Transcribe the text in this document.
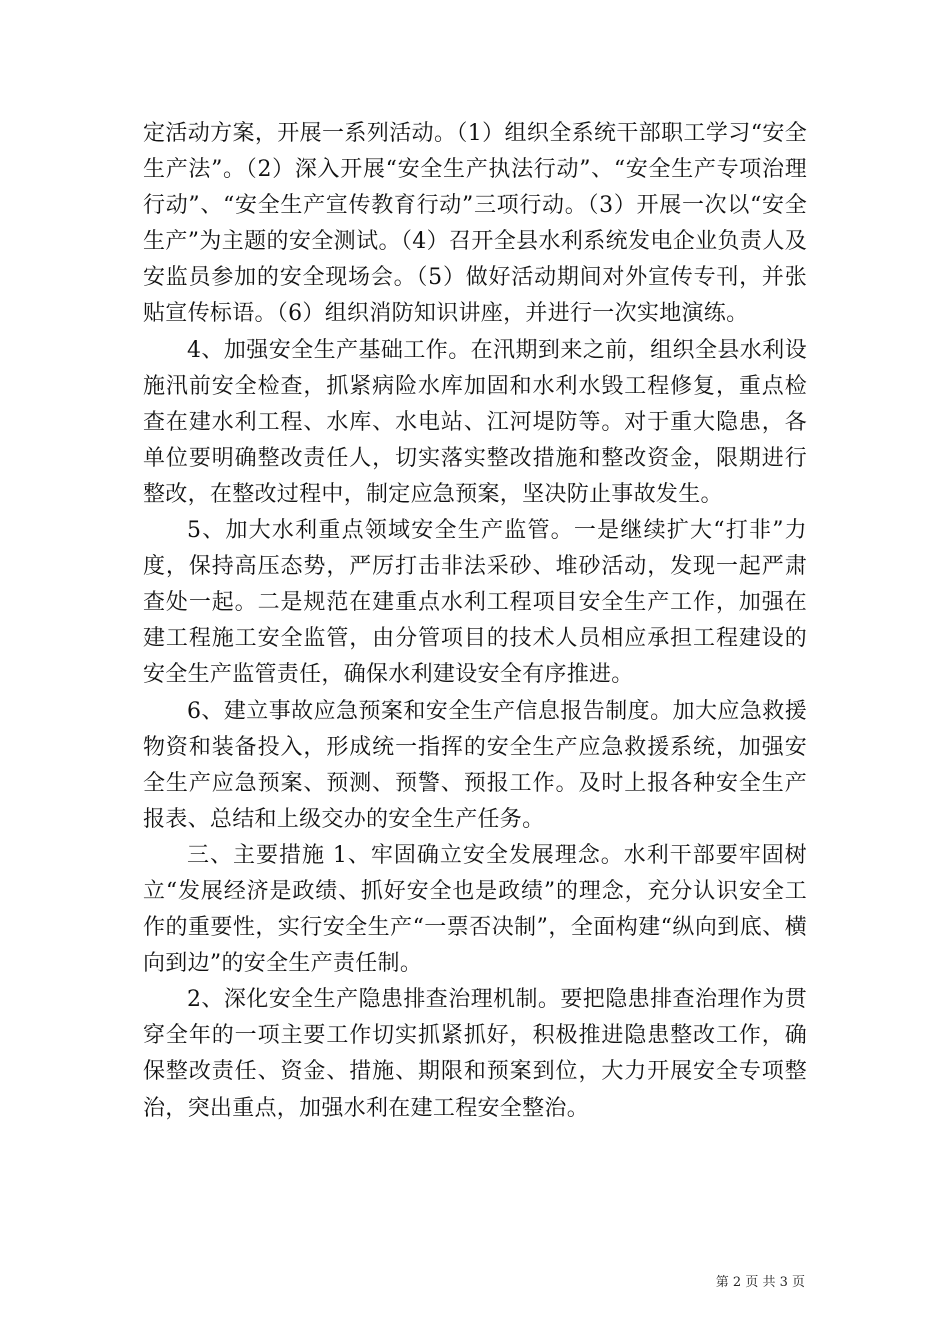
定活动方案，开展一系列活动。（1）组织全系统干部职工学习“安全生产法”。（2）深入开展“安全生产执法行动”、“安全生产专项治理行动”、“安全生产宣传教育行动”三项行动。（3）开展一次以“安全生产”为主题的安全测试。（4）召开全县水利系统发电企业负责人及安监员参加的安全现场会。（5）做好活动期间对外宣传专刊，并张贴宣传标语。（6）组织消防知识讲座，并进行一次实地演练。

4、加强安全生产基础工作。在汛期到来之前，组织全县水利设施汛前安全检查，抓紧病险水库加固和水利水毁工程修复，重点检查在建水利工程、水库、水电站、江河堤防等。对于重大隐患，各单位要明确整改责任人，切实落实整改措施和整改资金，限期进行整改，在整改过程中，制定应急预案，坚决防止事故发生。

5、加大水利重点领域安全生产监管。一是继续扩大“打非”力度，保持高压态势，严厉打击非法采砂、堆砂活动，发现一起严肃查处一起。二是规范在建重点水利工程项目安全生产工作，加强在建工程施工安全监管，由分管项目的技术人员相应承担工程建设的安全生产监管责任，确保水利建设安全有序推进。

6、建立事故应急预案和安全生产信息报告制度。加大应急救援物资和装备投入，形成统一指挥的安全生产应急救援系统，加强安全生产应急预案、预测、预警、预报工作。及时上报各种安全生产报表、总结和上级交办的安全生产任务。

三、主要措施 1、牢固确立安全发展理念。水利干部要牢固树立“发展经济是政绩、抓好安全也是政绩”的理念，充分认识安全工作的重要性，实行安全生产“一票否决制”，全面构建“纵向到底、横向到边”的安全生产责任制。

2、深化安全生产隐患排查治理机制。要把隐患排查治理作为贯穿全年的一项主要工作切实抓紧抓好，积极推进隐患整改工作，确保整改责任、资金、措施、期限和预案到位，大力开展安全专项整治，突出重点，加强水利在建工程安全整治。

第 2 页 共 3 页
